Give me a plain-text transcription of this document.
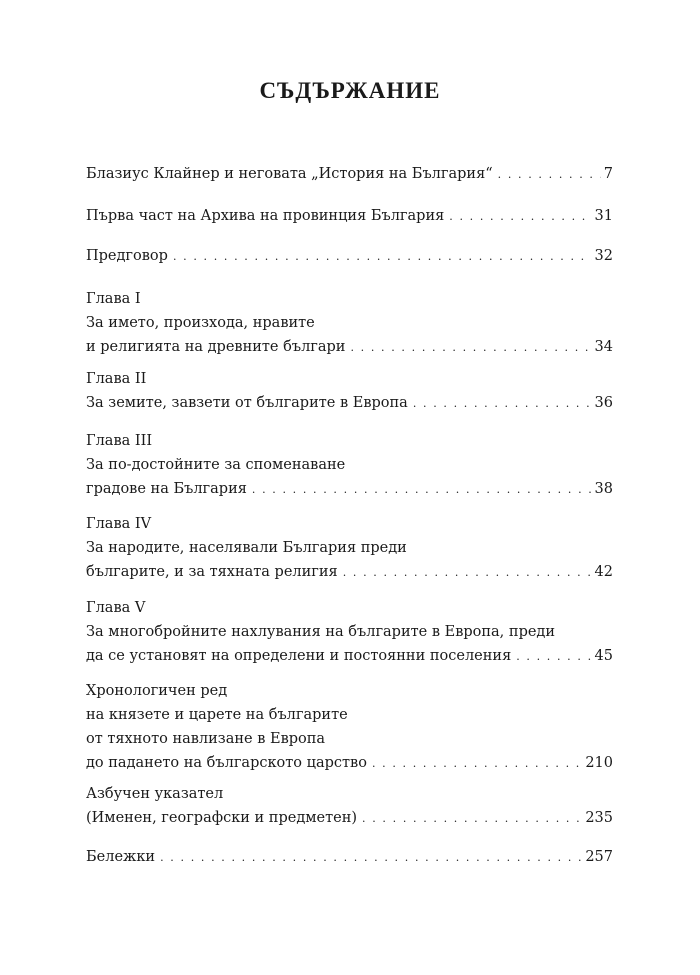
СЪДЪРЖАНИЕ
Блазиус Клайнер и неговата „История на България“ . . .	7
Първа част на Архива на провинция България . . .	31
Предговор . . .	32
Глава I
За името, произхода, нравите
и религията на древните българи . . .	34
Глава II
За земите, завзети от българите в Европа . . .	36
Глава III
За по-достойните за споменаване
градове на България . . .	38
Глава IV
За народите, населявали България преди
българите, и за тяхната религия . . .	42
Глава V
За многобройните нахлувания на българите в Европа, преди
да се установят на определени и постоянни поселения . . .	45
Хронологичен ред
на князете и царете на българите
от тяхното навлизане в Европа
до падането на българското царство . . .	210
Азбучен указател
(Именен, географски и предметен) . . .	235
Бележки . . .	257
